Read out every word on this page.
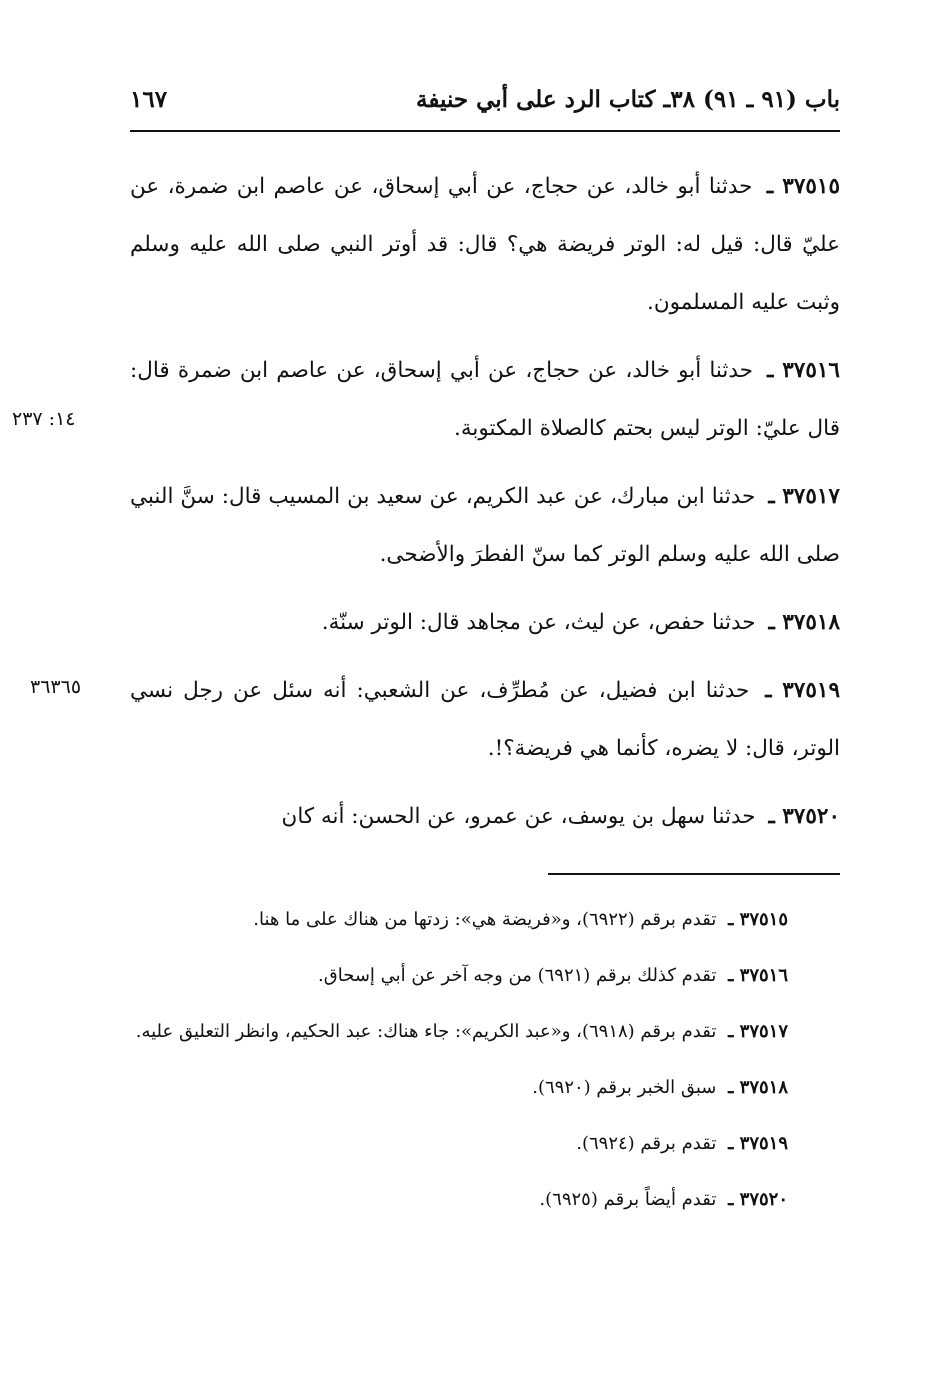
باب (٩١ ـ ٩١) ٣٨ـ كتاب الرد على أبي حنيفة
١٦٧

٣٧٥١٥ ـ حدثنا أبو خالد، عن حجاج، عن أبي إسحاق، عن عاصم ابن ضمرة، عن عليّ قال: قيل له: الوتر فريضة هي؟ قال: قد أوتر النبي صلى الله عليه وسلم وثبت عليه المسلمون.

٣٧٥١٦ ـ حدثنا أبو خالد، عن حجاج، عن أبي إسحاق، عن عاصم ابن ضمرة قال: قال عليّ: الوتر ليس بحتم كالصلاة المكتوبة.

٣٧٥١٧ ـ حدثنا ابن مبارك، عن عبد الكريم، عن سعيد بن المسيب قال: سنَّ النبي صلى الله عليه وسلم الوتر كما سنّ الفطرَ والأضحى.

٣٧٥١٨ ـ حدثنا حفص، عن ليث، عن مجاهد قال: الوتر سنّة.

٣٧٥١٩ ـ حدثنا ابن فضيل، عن مُطرِّف، عن الشعبي: أنه سئل عن رجل نسي الوتر، قال: لا يضره، كأنما هي فريضة؟!.

٣٧٥٢٠ ـ حدثنا سهل بن يوسف، عن عمرو، عن الحسن: أنه كان

١٤: ٢٣٧
٣٦٣٦٥

٣٧٥١٥ ـ تقدم برقم (٦٩٢٢)، و«فريضة هي»: زدتها من هناك على ما هنا.

٣٧٥١٦ ـ تقدم كذلك برقم (٦٩٢١) من وجه آخر عن أبي إسحاق.

٣٧٥١٧ ـ تقدم برقم (٦٩١٨)، و«عبد الكريم»: جاء هناك: عبد الحكيم، وانظر التعليق عليه.

٣٧٥١٨ ـ سبق الخبر برقم (٦٩٢٠).

٣٧٥١٩ ـ تقدم برقم (٦٩٢٤).

٣٧٥٢٠ ـ تقدم أيضاً برقم (٦٩٢٥).
